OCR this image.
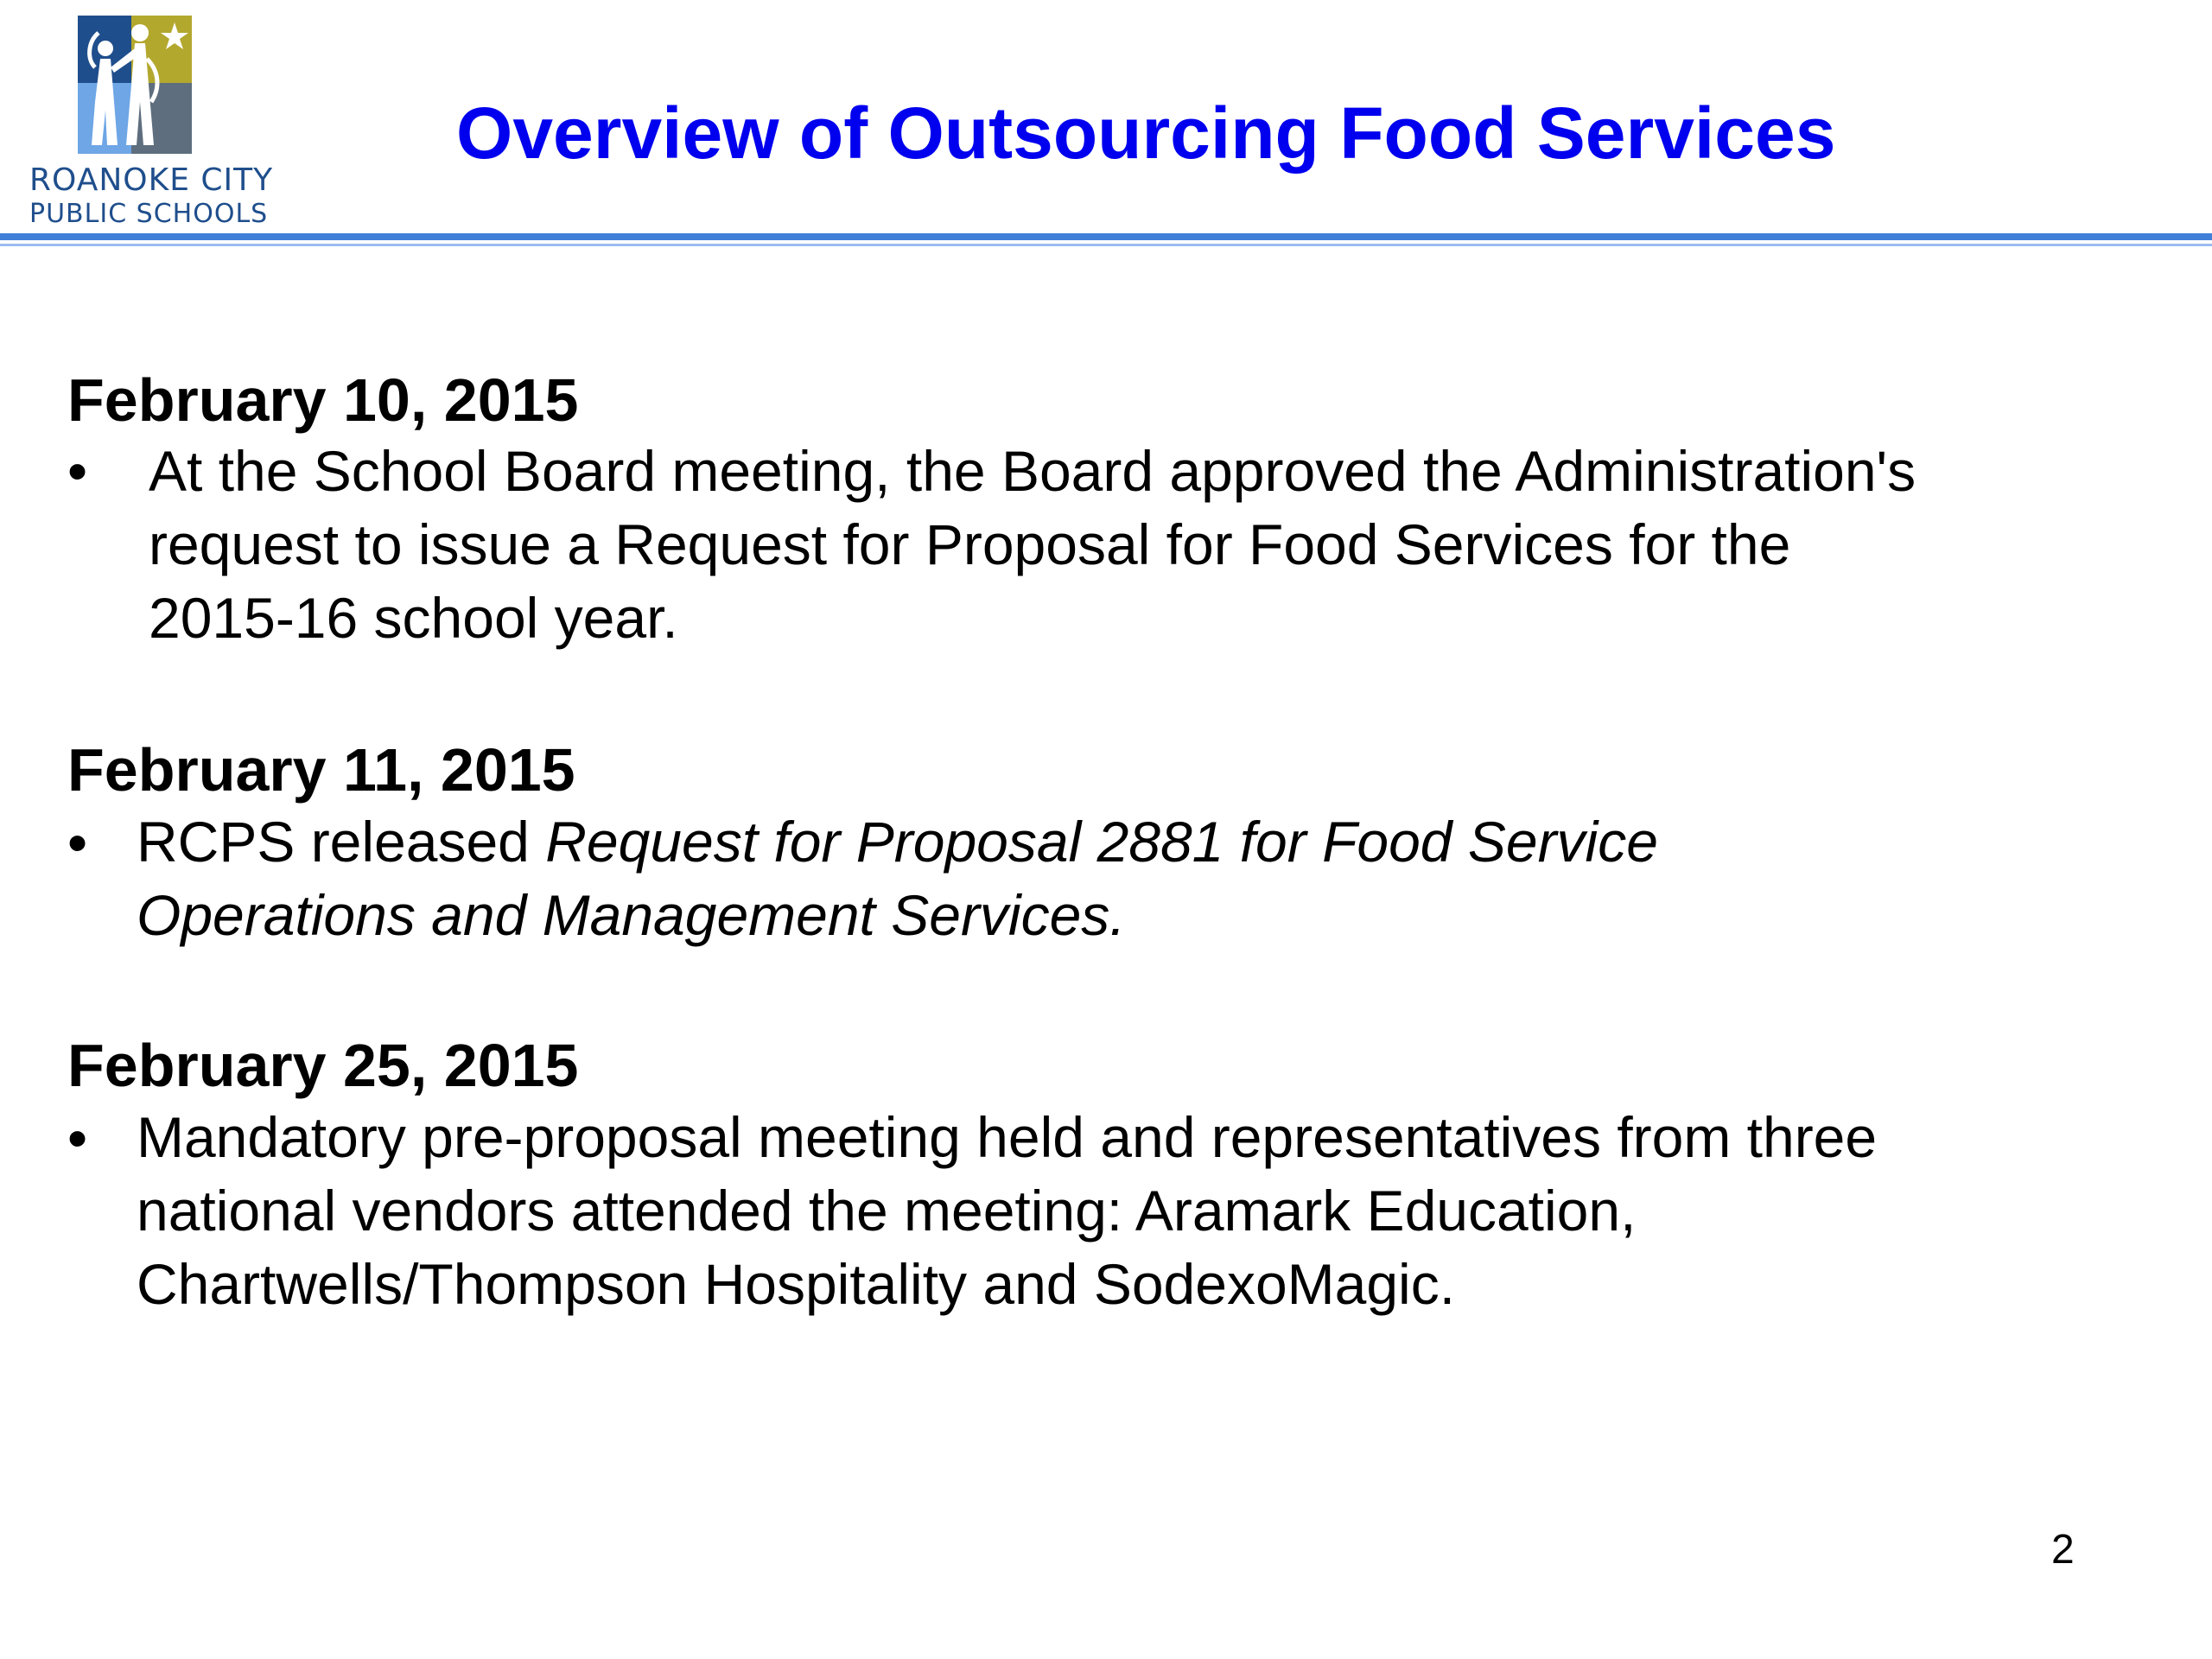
ROANOKE CITY
PUBLIC SCHOOLS
Overview of Outsourcing Food Services
February 10, 2015
• At the School Board meeting, the Board approved the Administration's
request to issue a Request for Proposal for Food Services for the
2015-16 school year.
February 11, 2015
• RCPS released Request for Proposal 2881 for Food Service
Operations and Management Services.
February 25, 2015
• Mandatory pre-proposal meeting held and representatives from three
national vendors attended the meeting: Aramark Education,
Chartwells/Thompson Hospitality and SodexoMagic.
2
